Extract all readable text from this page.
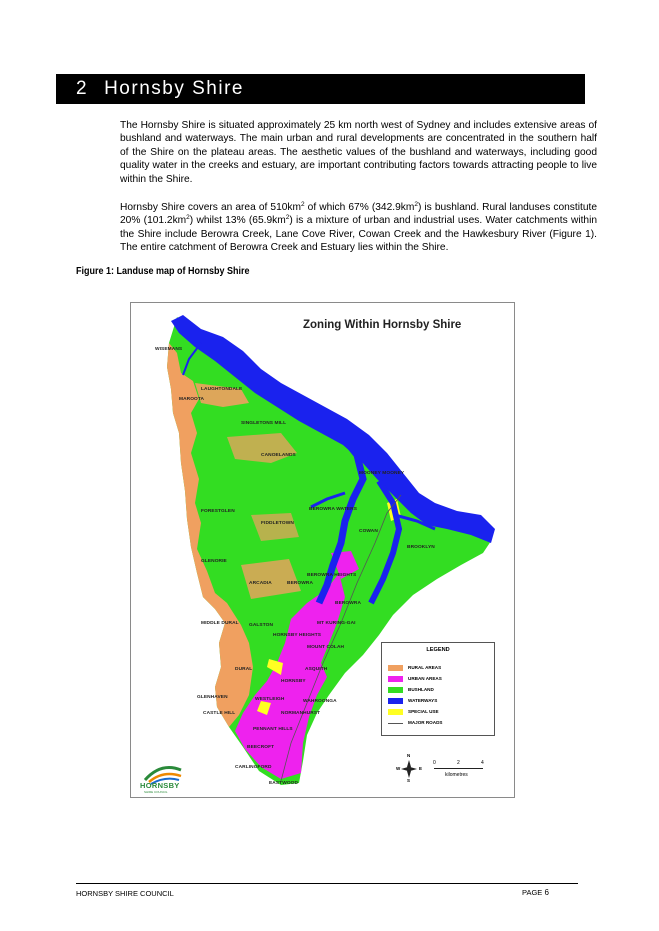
2 Hornsby Shire

The Hornsby Shire is situated approximately 25 km north west of Sydney and includes extensive areas of bushland and waterways. The main urban and rural developments are concentrated in the southern half of the Shire on the plateau areas. The aesthetic values of the bushland and waterways, including good quality water in the creeks and estuary, are important contributing factors towards attracting people to live within the Shire.

Hornsby Shire covers an area of $510km^2$ of which 67% $(342.9km^2)$ is bushland. Rural landuses constitute 20% $(101.2km^2)$ whilst 13% $(65.9km^2)$ is a mixture of urban and industrial uses. Water catchments within the Shire include Berowra Creek, Lane Cove River, Cowan Creek and the Hawkesbury River (Figure 1). The entire catchment of Berowra Creek and Estuary lies within the Shire.

Figure 1: Landuse map of Hornsby Shire
Zoning Within Hornsby Shire
WISEMANS
LAUGHTONDALE
MAROOTA
SINGLETONS MILL
CANOELANDS
FORESTGLEN
FIDDLETOWN
BEROWRA WATERS
COWAN
BROOKLYN
MOONEY MOONEY
GLENORIE
ARCADIA
BEROWRA HEIGHTS
BEROWRA
BEROWRA
MIDDLE DURAL GALSTON	MT KURING-GAI
HORNSBY HEIGHTS
MOUNT COLAH
DURAL	ASQUITH
HORNSBY
WAHROONGA
GLENHAVEN	WESTLEIGH
CASTLE HILL	NORMANHURST
PENNANT HILLS
BEECROFT
CARLINGFORD
EASTWOOD
LEGEND
RURAL AREAS
URBAN AREAS
BUSHLAND
WATERWAYS
SPECIAL USE
MAJOR ROADS
N
S
W	E
0	2	4
kilometres
HORNSBY
SHIRE COUNCIL
HORNSBY SHIRE COUNCIL	PAGE 6
